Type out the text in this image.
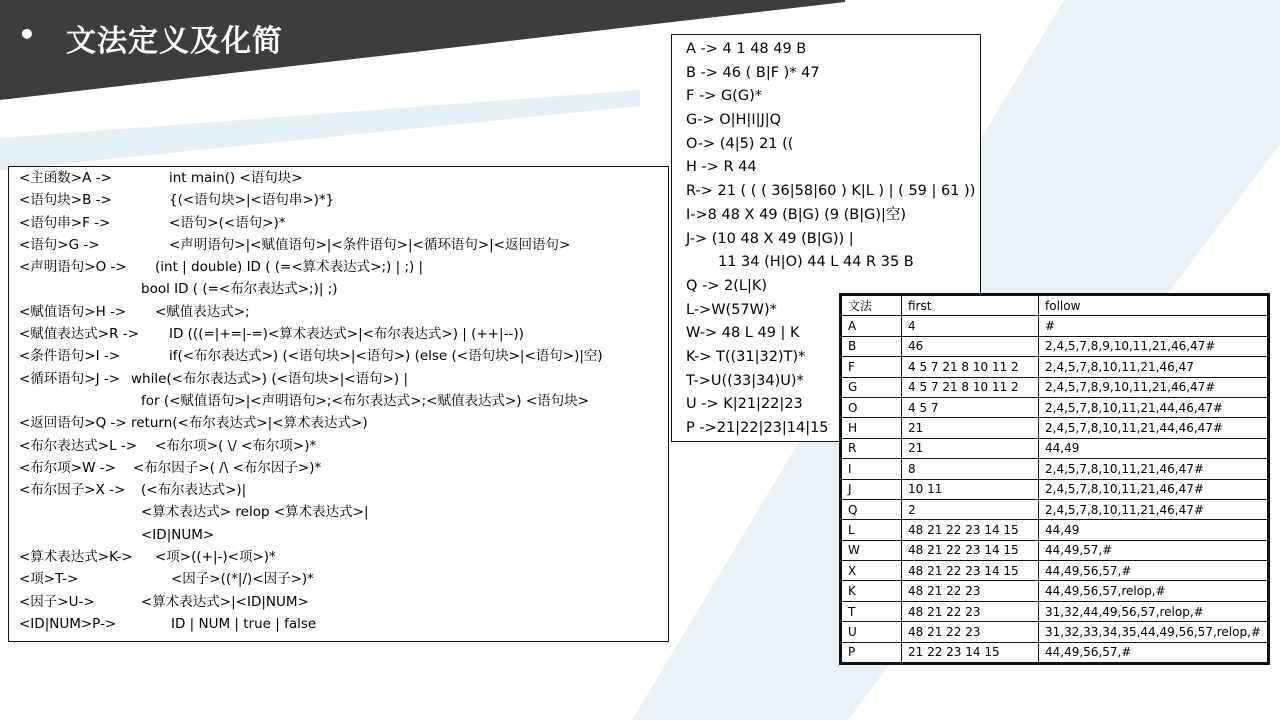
• 文法定义及化简
<主函数>A ->	int main() <语句块>
<语句块>B ->	{(<语句块>|<语句串>)*}
<语句串>F ->	<语句>(<语句>)*
<语句>G ->	<声明语句>|<赋值语句>|<条件语句>|<循环语句>|<返回语句>
<声明语句>O -> (int | double) ID ( (=<算术表达式>;) | ;) |
bool ID ( (=<布尔表达式>;)| ;)
<赋值语句>H -> <赋值表达式>;
<赋值表达式>R -> ID (((=|+=|-=)<算术表达式>|<布尔表达式>) | (++|--))
<条件语句>I ->	if(<布尔表达式>) (<语句块>|<语句>) (else (<语句块>|<语句>)|空)
<循环语句>J -> while(<布尔表达式>) (<语句块>|<语句>) |
for (<赋值语句>|<声明语句>;<布尔表达式>;<赋值表达式>) <语句块>
<返回语句>Q -> return(<布尔表达式>|<算术表达式>)
<布尔表达式>L -> <布尔项>( \/ <布尔项>)*
<布尔项>W -> <布尔因子>( /\ <布尔因子>)*
<布尔因子>X -> (<布尔表达式>)|
<算术表达式> relop <算术表达式>|
<ID|NUM>
<算术表达式>K-> <项>((+|-)<项>)*
<项>T->	<因子>((*|/)<因子>)*
<因子>U->	<算术表达式>|<ID|NUM>
<ID|NUM>P->	ID | NUM | true | false
A -> 4 1 48 49 B
B -> 46 ( B|F )* 47
F -> G(G)*
G-> O|H|I|J|Q
O-> (4|5) 21 ((
H -> R 44
R-> 21 ( ( ( 36|58|60 ) K|L ) | ( 59 | 61 ))
I->8 48 X 49 (B|G) (9 (B|G)|空)
J-> (10 48 X 49 (B|G)) |
11 34 (H|O) 44 L 44 R 35 B
Q -> 2(L|K)
L->W(57W)*
W-> 48 L 49 | K
K-> T((31|32)T)*
T->U((33|34)U)*
U -> K|21|22|23
P ->21|22|23|14|15
文法	first	follow
A	4	#
B	46	2,4,5,7,8,9,10,11,21,46,47#
F	4 5 7 21 8 10 11 2	2,4,5,7,8,10,11,21,46,47
G	4 5 7 21 8 10 11 2	2,4,5,7,8,9,10,11,21,46,47#
O	4 5 7	2,4,5,7,8,10,11,21,44,46,47#
H	21	2,4,5,7,8,10,11,21,44,46,47#
R	21	44,49
I	8	2,4,5,7,8,10,11,21,46,47#
J	10 11	2,4,5,7,8,10,11,21,46,47#
Q	2	2,4,5,7,8,10,11,21,46,47#
L	48 21 22 23 14 15	44,49
W	48 21 22 23 14 15	44,49,57,#
X	48 21 22 23 14 15	44,49,56,57,#
K	48 21 22 23	44,49,56,57,relop,#
T	48 21 22 23	31,32,44,49,56,57,relop,#
U	48 21 22 23	31,32,33,34,35,44,49,56,57,relop,#
P	21 22 23 14 15	44,49,56,57,#
